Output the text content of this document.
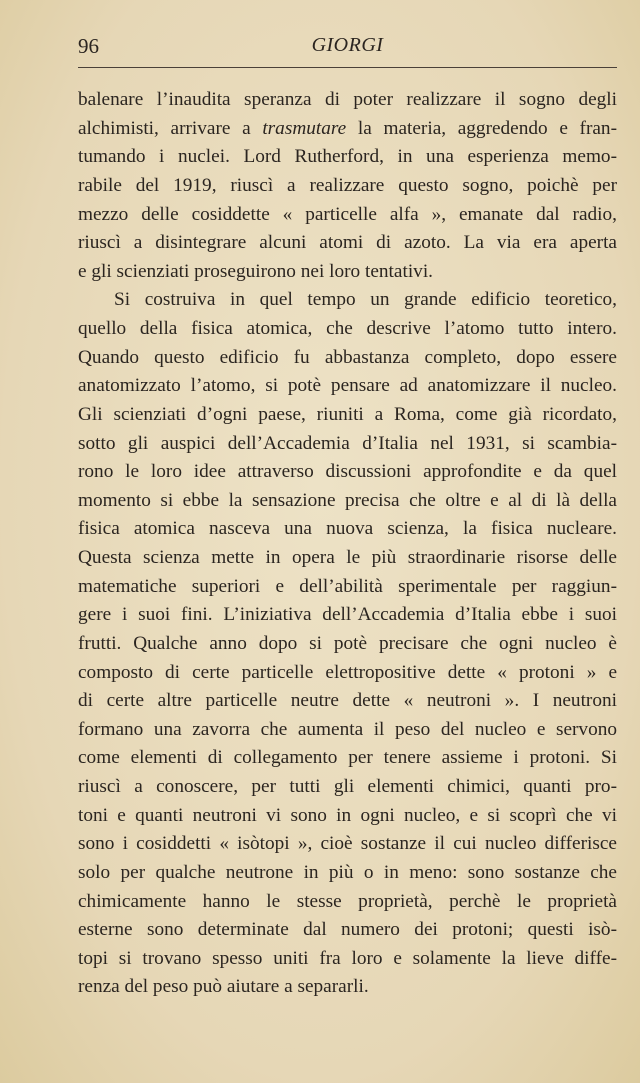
96	GIORGI
balenare l’inaudita speranza di poter realizzare il sogno degli
alchimisti, arrivare a trasmutare la materia, aggredendo e fran-
tumando i nuclei. Lord Rutherford, in una esperienza memo-
rabile del 1919, riuscì a realizzare questo sogno, poichè per
mezzo delle cosiddette « particelle alfa », emanate dal radio,
riuscì a disintegrare alcuni atomi di azoto. La via era aperta
e gli scienziati proseguirono nei loro tentativi.
Si costruiva in quel tempo un grande edificio teoretico,
quello della fisica atomica, che descrive l’atomo tutto intero.
Quando questo edificio fu abbastanza completo, dopo essere
anatomizzato l’atomo, si potè pensare ad anatomizzare il nucleo.
Gli scienziati d’ogni paese, riuniti a Roma, come già ricordato,
sotto gli auspici dell’Accademia d’Italia nel 1931, si scambia-
rono le loro idee attraverso discussioni approfondite e da quel
momento si ebbe la sensazione precisa che oltre e al di là della
fisica atomica nasceva una nuova scienza, la fisica nucleare.
Questa scienza mette in opera le più straordinarie risorse delle
matematiche superiori e dell’abilità sperimentale per raggiun-
gere i suoi fini. L’iniziativa dell’Accademia d’Italia ebbe i suoi
frutti. Qualche anno dopo si potè precisare che ogni nucleo è
composto di certe particelle elettropositive dette « protoni » e
di certe altre particelle neutre dette « neutroni ». I neutroni
formano una zavorra che aumenta il peso del nucleo e servono
come elementi di collegamento per tenere assieme i protoni. Si
riuscì a conoscere, per tutti gli elementi chimici, quanti pro-
toni e quanti neutroni vi sono in ogni nucleo, e si scoprì che vi
sono i cosiddetti « isòtopi », cioè sostanze il cui nucleo differisce
solo per qualche neutrone in più o in meno: sono sostanze che
chimicamente hanno le stesse proprietà, perchè le proprietà
esterne sono determinate dal numero dei protoni; questi isò-
topi si trovano spesso uniti fra loro e solamente la lieve diffe-
renza del peso può aiutare a separarli.
